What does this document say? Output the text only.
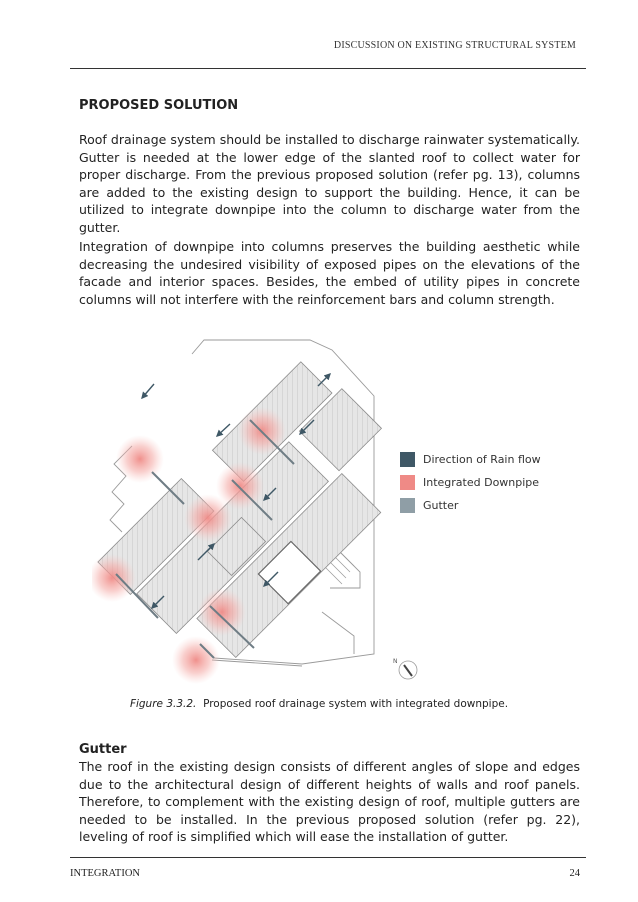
DISCUSSION ON EXISTING STRUCTURAL SYSTEM
PROPOSED SOLUTION

Roof drainage system should be installed to discharge rainwater systematically. Gutter is needed at the lower edge of the slanted roof to collect water for proper discharge. From the previous proposed solution (refer pg. 13), columns are added to the existing design to support the building. Hence, it can be utilized to integrate downpipe into the column to discharge water from the gutter.

Integration of downpipe into columns preserves the building aesthetic while decreasing the undesired visibility of exposed pipes on the elevations of the facade and interior spaces. Besides, the embed of utility pipes in concrete columns will not interfere with the reinforcement bars and column strength.

N
Direction of Rain flow
Integrated Downpipe
Gutter
Figure 3.3.2. Proposed roof drainage system with integrated downpipe.
Gutter

The roof in the existing design consists of different angles of slope and edges due to the architectural design of different heights of walls and roof panels. Therefore, to complement with the existing design of roof, multiple gutters are needed to be installed. In the previous proposed solution (refer pg. 22), leveling of roof is simplified which will ease the installation of gutter.

INTEGRATION	24
